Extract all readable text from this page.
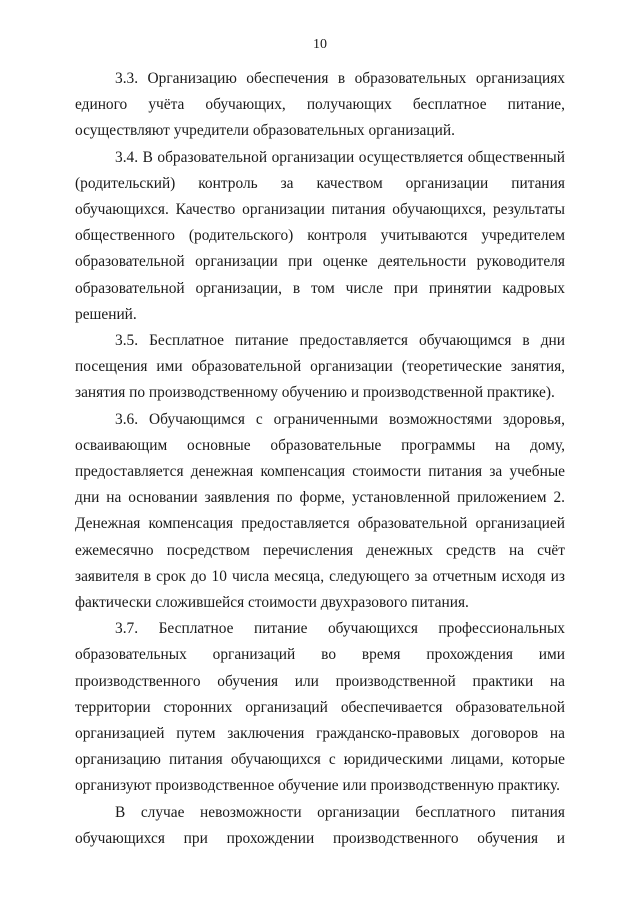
10

3.3. Организацию обеспечения в образовательных организациях единого учёта обучающих, получающих бесплатное питание, осуществляют учредители образовательных организаций.

3.4. В образовательной организации осуществляется общественный (родительский) контроль за качеством организации питания обучающихся. Качество организации питания обучающихся, результаты общественного (родительского) контроля учитываются учредителем образовательной организации при оценке деятельности руководителя образовательной организации, в том числе при принятии кадровых решений.

3.5. Бесплатное питание предоставляется обучающимся в дни посещения ими образовательной организации (теоретические занятия, занятия по производственному обучению и производственной практике).

3.6. Обучающимся с ограниченными возможностями здоровья, осваивающим основные образовательные программы на дому, предоставляется денежная компенсация стоимости питания за учебные дни на основании заявления по форме, установленной приложением 2. Денежная компенсация предоставляется образовательной организацией ежемесячно посредством перечисления денежных средств на счёт заявителя в срок до 10 числа месяца, следующего за отчетным исходя из фактически сложившейся стоимости двухразового питания.

3.7. Бесплатное питание обучающихся профессиональных образовательных организаций во время прохождения ими производственного обучения или производственной практики на территории сторонних организаций обеспечивается образовательной организацией путем заключения гражданско-правовых договоров на организацию питания обучающихся с юридическими лицами, которые организуют производственное обучение или производственную практику.

В случае невозможности организации бесплатного питания обучающихся при прохождении производственного обучения и
